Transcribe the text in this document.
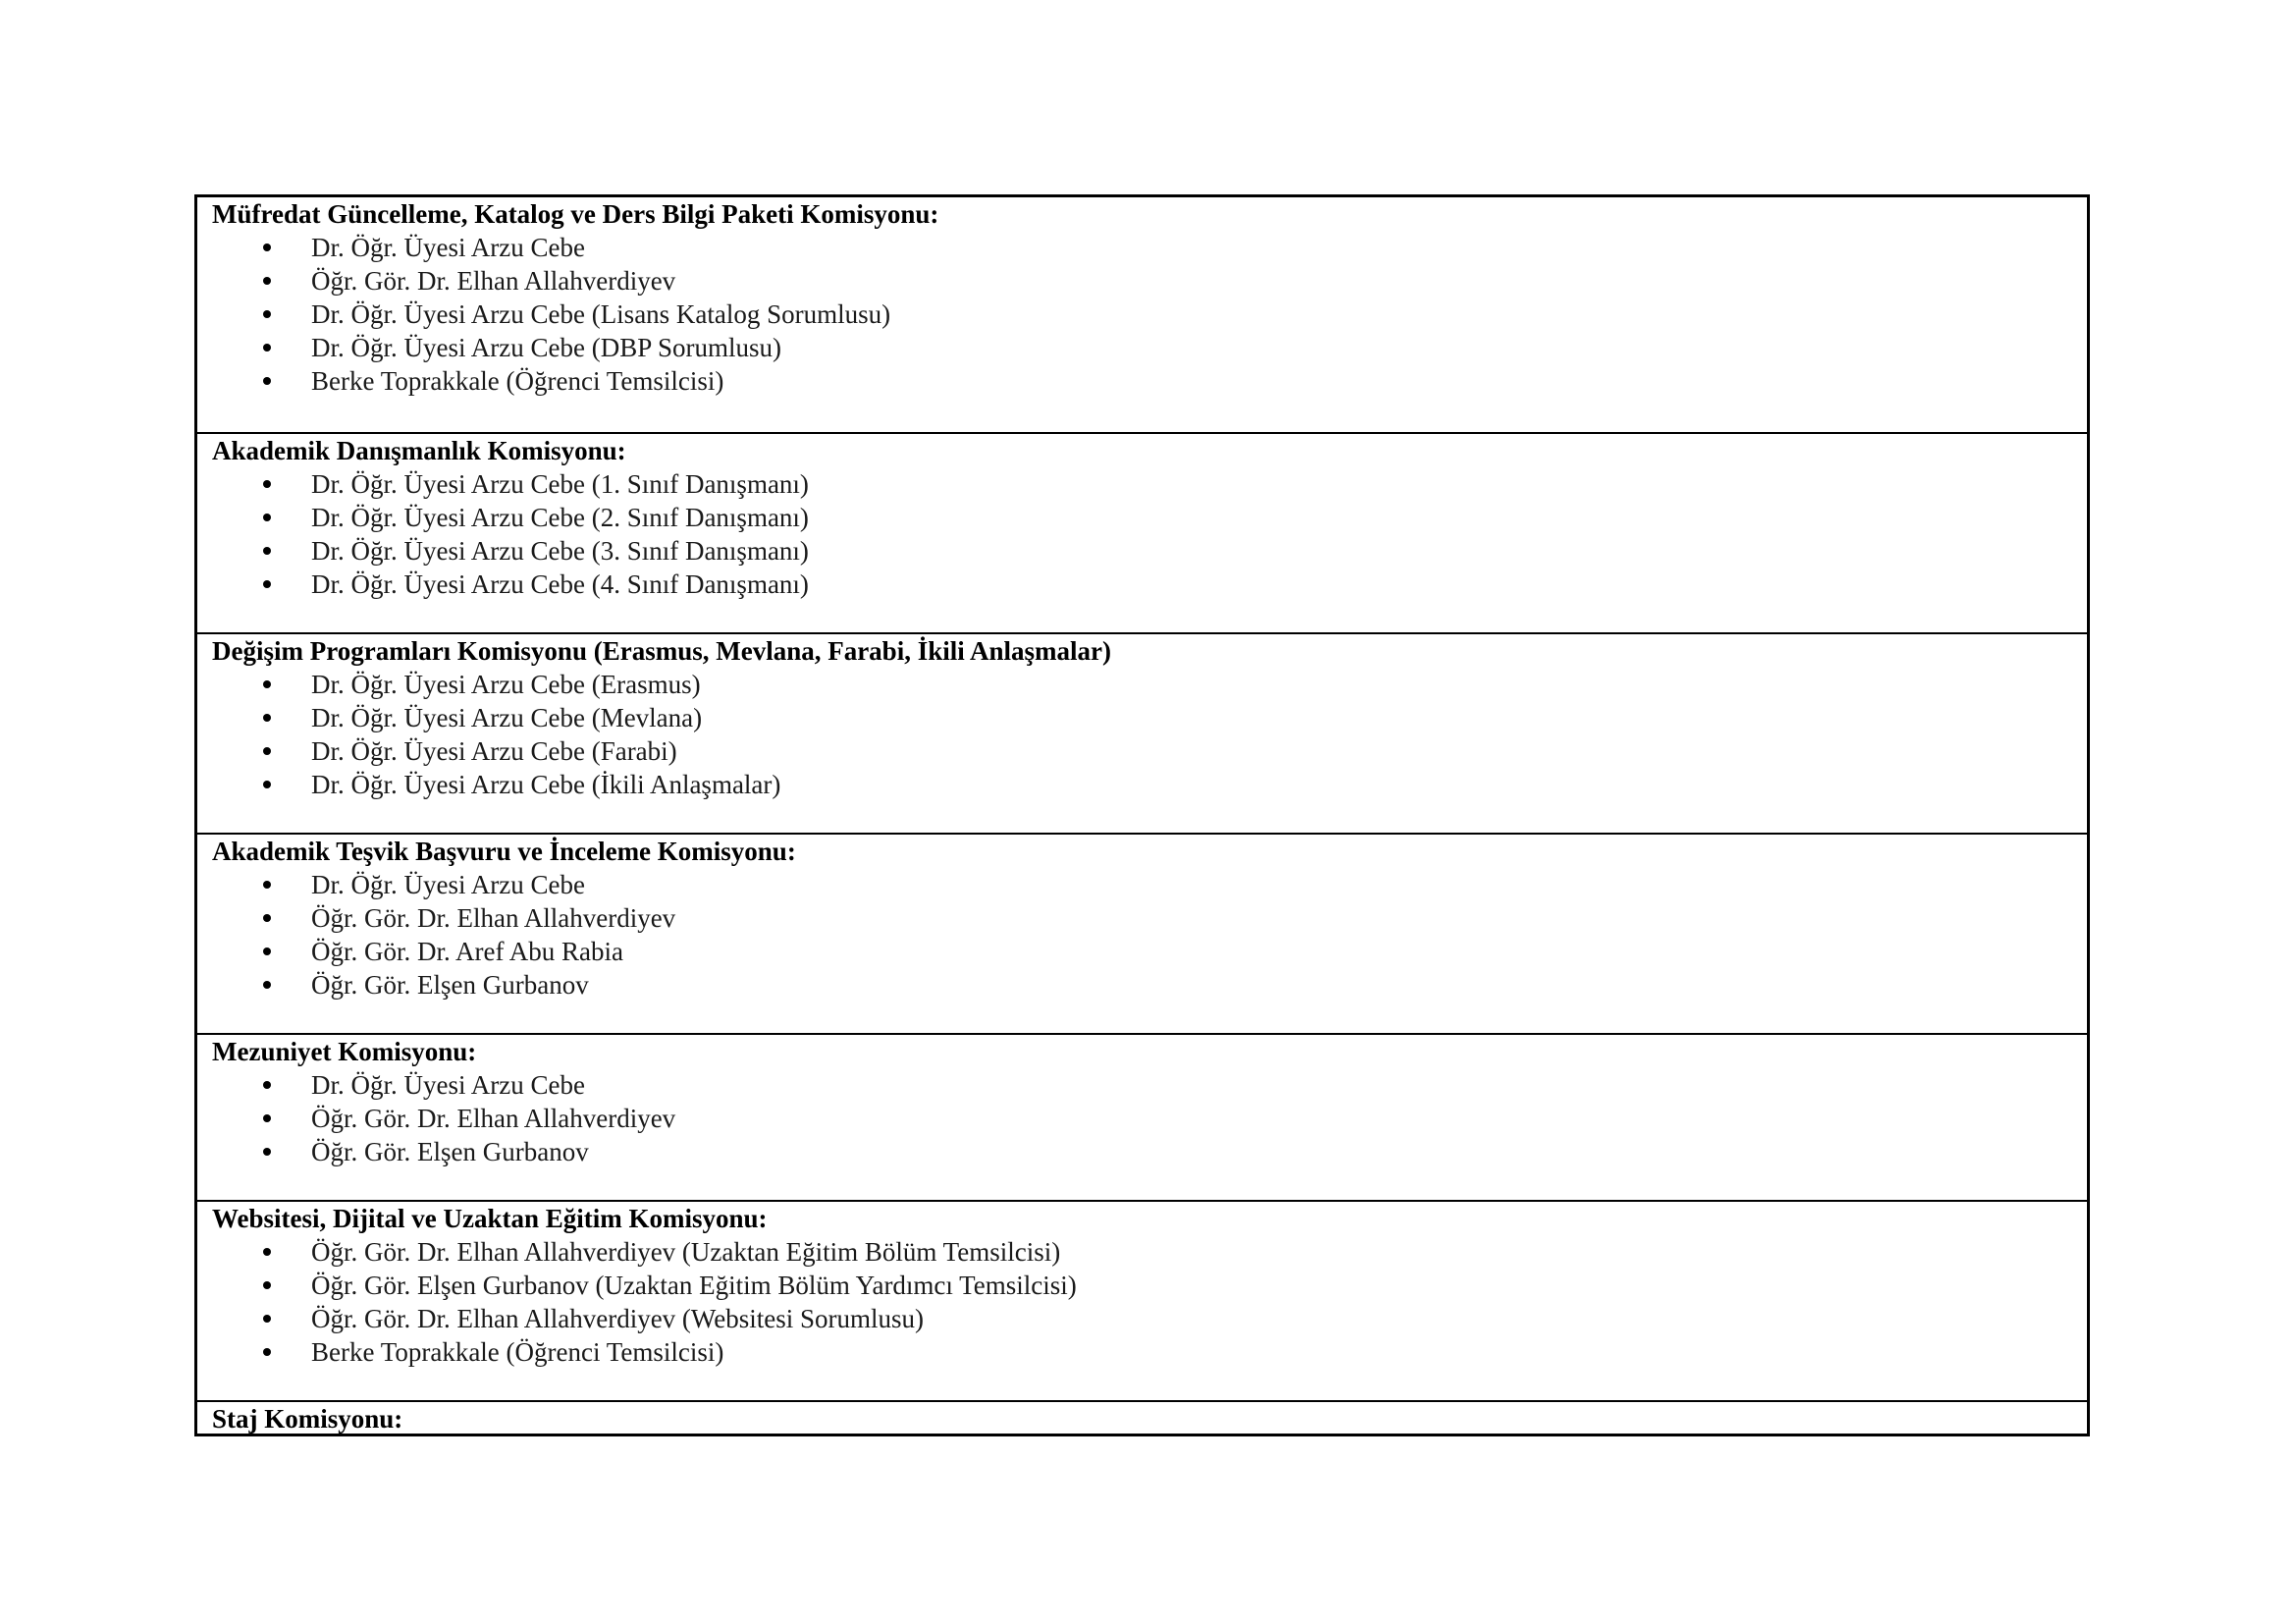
Müfredat Güncelleme, Katalog ve Ders Bilgi Paketi Komisyonu:
Dr. Öğr. Üyesi Arzu Cebe
Öğr. Gör. Dr. Elhan Allahverdiyev
Dr. Öğr. Üyesi Arzu Cebe (Lisans Katalog Sorumlusu)
Dr. Öğr. Üyesi Arzu Cebe (DBP Sorumlusu)
Berke Toprakkale (Öğrenci Temsilcisi)
Akademik Danışmanlık Komisyonu:
Dr. Öğr. Üyesi Arzu Cebe (1. Sınıf Danışmanı)
Dr. Öğr. Üyesi Arzu Cebe (2. Sınıf Danışmanı)
Dr. Öğr. Üyesi Arzu Cebe (3. Sınıf Danışmanı)
Dr. Öğr. Üyesi Arzu Cebe (4. Sınıf Danışmanı)
Değişim Programları Komisyonu (Erasmus, Mevlana, Farabi, İkili Anlaşmalar)
Dr. Öğr. Üyesi Arzu Cebe (Erasmus)
Dr. Öğr. Üyesi Arzu Cebe (Mevlana)
Dr. Öğr. Üyesi Arzu Cebe (Farabi)
Dr. Öğr. Üyesi Arzu Cebe (İkili Anlaşmalar)
Akademik Teşvik Başvuru ve İnceleme Komisyonu:
Dr. Öğr. Üyesi Arzu Cebe
Öğr. Gör. Dr. Elhan Allahverdiyev
Öğr. Gör. Dr. Aref Abu Rabia
Öğr. Gör. Elşen Gurbanov
Mezuniyet Komisyonu:
Dr. Öğr. Üyesi Arzu Cebe
Öğr. Gör. Dr. Elhan Allahverdiyev
Öğr. Gör. Elşen Gurbanov
Websitesi, Dijital ve Uzaktan Eğitim Komisyonu:
Öğr. Gör. Dr. Elhan Allahverdiyev (Uzaktan Eğitim Bölüm Temsilcisi)
Öğr. Gör. Elşen Gurbanov (Uzaktan Eğitim Bölüm Yardımcı Temsilcisi)
Öğr. Gör. Dr. Elhan Allahverdiyev (Websitesi Sorumlusu)
Berke Toprakkale (Öğrenci Temsilcisi)
Staj Komisyonu:
